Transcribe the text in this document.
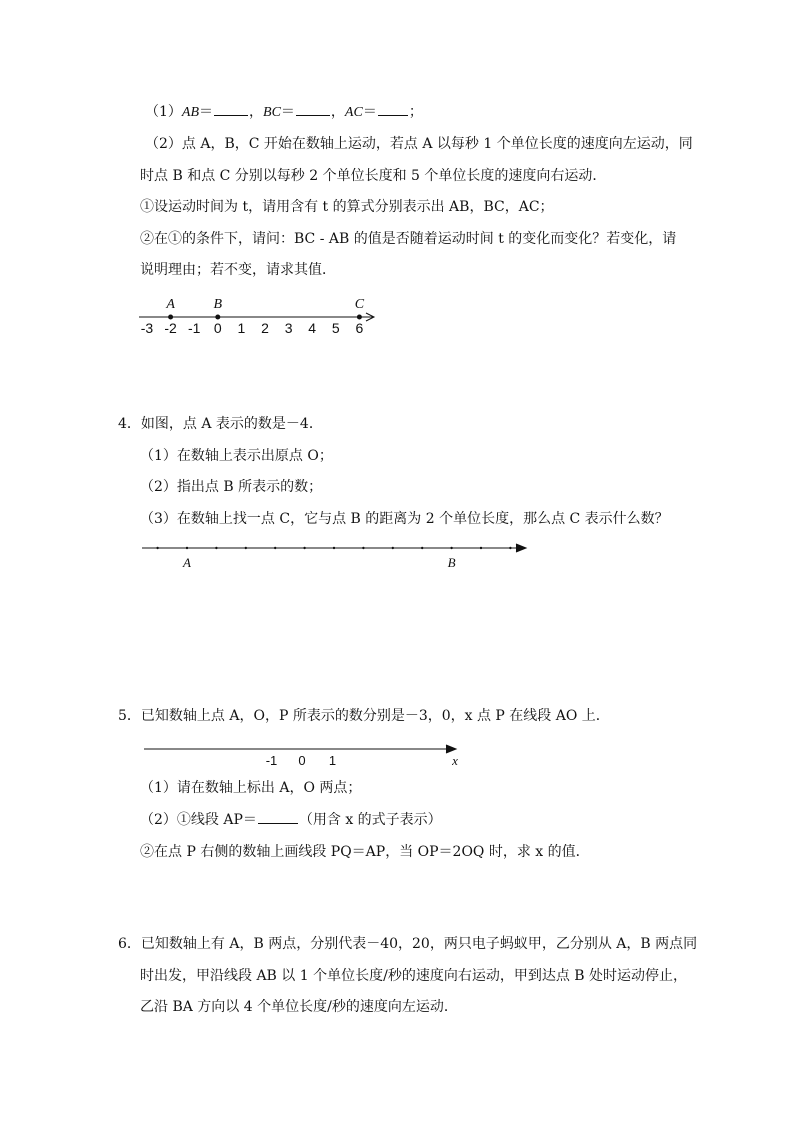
（1）AB＝	，BC＝	，AC＝ ；
（2）点 A，B，C 开始在数轴上运动，若点 A 以每秒 1 个单位长度的速度向左运动，同
时点 B 和点 C 分别以每秒 2 个单位长度和 5 个单位长度的速度向右运动．
①设运动时间为 t，请用含有 t 的算式分别表示出 AB，BC，AC；
②在①的条件下，请问：BC - AB 的值是否随着运动时间 t 的变化而变化？若变化，请
说明理由；若不变，请求其值．
-3 -2 -1 0 1 2 3 4 5 6
A	B	C
4．如图，点 A 表示的数是－4．
（1）在数轴上表示出原点 O；
（2）指出点 B 所表示的数；
（3）在数轴上找一点 C，它与点 B 的距离为 2 个单位长度，那么点 C 表示什么数？
A	B
5．已知数轴上点 A，O，P 所表示的数分别是－3，0，x 点 P 在线段 AO 上．
-1 0 1	x
（1）请在数轴上标出 A，O 两点；
（2）①线段 AP＝	（用含 x 的式子表示）
②在点 P 右侧的数轴上画线段 PQ＝AP，当 OP＝2OQ 时，求 x 的值．
6．已知数轴上有 A，B 两点，分别代表－40，20，两只电子蚂蚁甲，乙分别从 A，B 两点同
时出发，甲沿线段 AB 以 1 个单位长度/秒的速度向右运动，甲到达点 B 处时运动停止，
乙沿 BA 方向以 4 个单位长度/秒的速度向左运动．
